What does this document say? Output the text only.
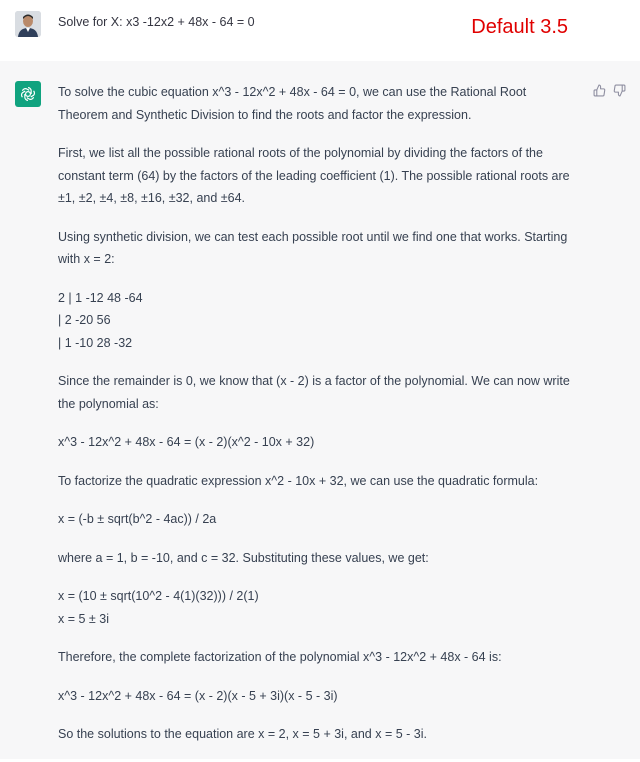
Solve for X: x3 -12x2 + 48x - 64 = 0	Default 3.5

To solve the cubic equation x^3 - 12x^2 + 48x - 64 = 0, we can use the Rational Root Theorem and Synthetic Division to find the roots and factor the expression.

First, we list all the possible rational roots of the polynomial by dividing the factors of the constant term (64) by the factors of the leading coefficient (1). The possible rational roots are ±1, ±2, ±4, ±8, ±16, ±32, and ±64.

Using synthetic division, we can test each possible root until we find one that works. Starting with x = 2:

2 | 1 -12 48 -64
| 2 -20 56
| 1 -10 28 -32

Since the remainder is 0, we know that (x - 2) is a factor of the polynomial. We can now write the polynomial as:

x^3 - 12x^2 + 48x - 64 = (x - 2)(x^2 - 10x + 32)

To factorize the quadratic expression x^2 - 10x + 32, we can use the quadratic formula:

x = (-b ± sqrt(b^2 - 4ac)) / 2a

where a = 1, b = -10, and c = 32. Substituting these values, we get:

x = (10 ± sqrt(10^2 - 4(1)(32))) / 2(1)
x = 5 ± 3i

Therefore, the complete factorization of the polynomial x^3 - 12x^2 + 48x - 64 is:

x^3 - 12x^2 + 48x - 64 = (x - 2)(x - 5 + 3i)(x - 5 - 3i)

So the solutions to the equation are x = 2, x = 5 + 3i, and x = 5 - 3i.
